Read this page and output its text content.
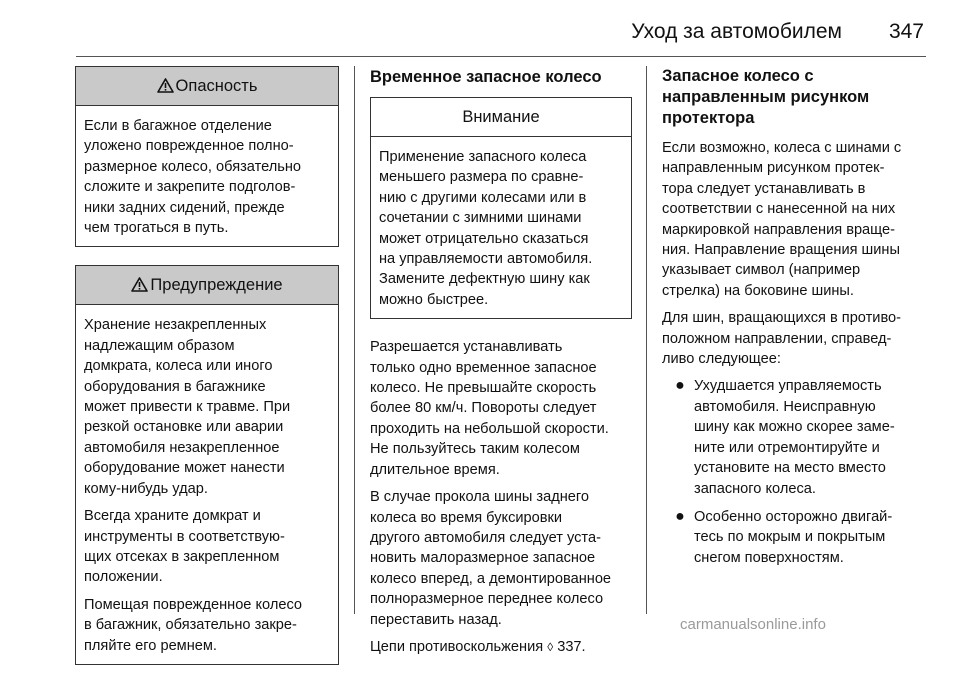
Уход за автомобилем 347
Опасность

Если в багажное отделение
уложено поврежденное полно-
размерное колесо, обязательно
сложите и закрепите подголов-
ники задних сидений, прежде
чем трогаться в путь.

Предупреждение

Хранение незакрепленных
надлежащим образом
домкрата, колеса или иного
оборудования в багажнике
может привести к травме. При
резкой остановке или аварии
автомобиля незакрепленное
оборудование может нанести
кому-нибудь удар.

Всегда храните домкрат и
инструменты в соответствую-
щих отсеках в закрепленном
положении.

Помещая поврежденное колесо
в багажник, обязательно закре-
пляйте его ремнем.

Временное запасное колесо
Внимание

Применение запасного колеса
меньшего размера по сравне-
нию с другими колесами или в
сочетании с зимними шинами
может отрицательно сказаться
на управляемости автомобиля.
Замените дефектную шину как
можно быстрее.

Разрешается устанавливать
только одно временное запасное
колесо. Не превышайте скорость
более 80 км/ч. Повороты следует
проходить на небольшой скорости.
Не пользуйтесь таким колесом
длительное время.

В случае прокола шины заднего
колеса во время буксировки
другого автомобиля следует уста-
новить малоразмерное запасное
колесо вперед, а демонтированное
полноразмерное переднее колесо
переставить назад.

Цепи противоскольжения ◊ 337.

Запасное колесо с
направленным рисунком
протектора

Если возможно, колеса с шинами с
направленным рисунком протек-
тора следует устанавливать в
соответствии с нанесенной на них
маркировкой направления враще-
ния. Направление вращения шины
указывает символ (например
стрелка) на боковине шины.

Для шин, вращающихся в противо-
положном направлении, справед-
ливо следующее:

● Ухудшается управляемость
автомобиля. Неисправную
шину как можно скорее заме-
ните или отремонтируйте и
установите на место вместо
запасного колеса.
● Особенно осторожно двигай-
тесь по мокрым и покрытым
снегом поверхностям.
carmanualsonline.info
